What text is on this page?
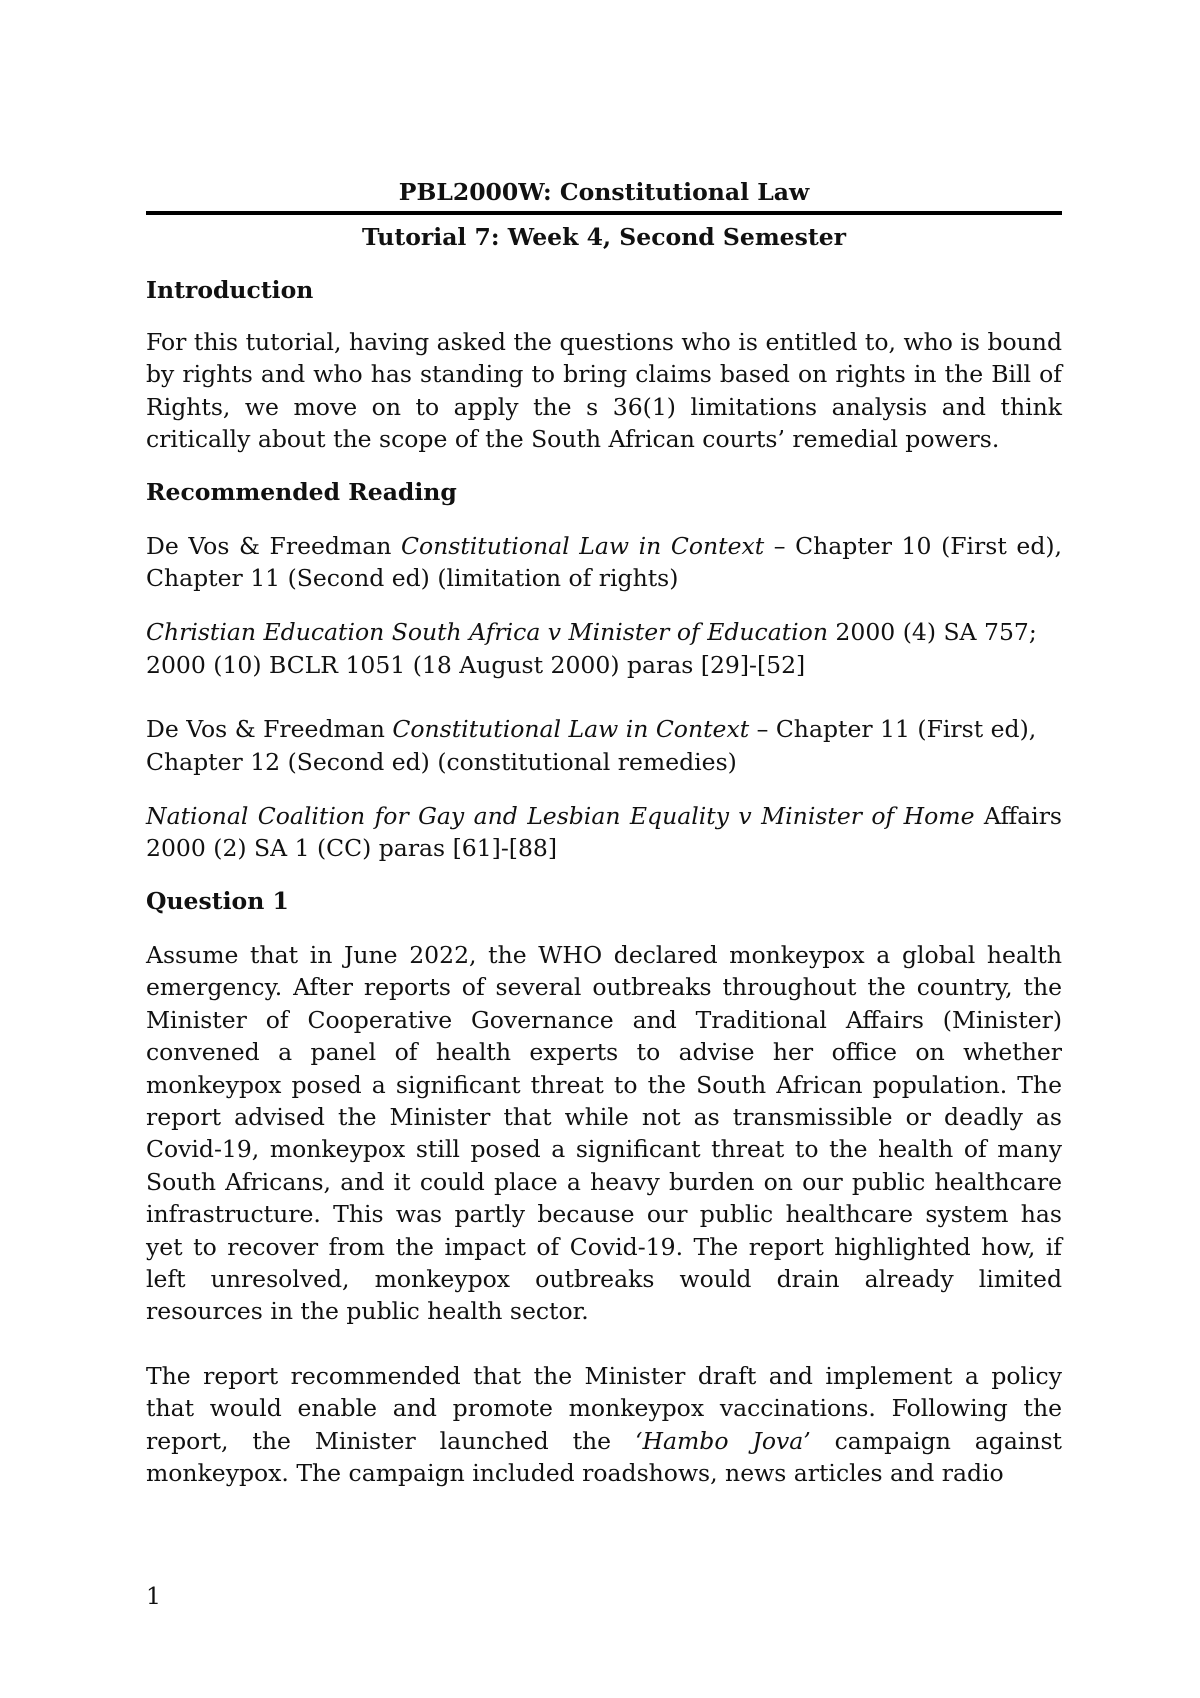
PBL2000W: Constitutional Law

Tutorial 7: Week 4, Second Semester

Introduction

For this tutorial, having asked the questions who is entitled to, who is bound by rights and who has standing to bring claims based on rights in the Bill of Rights, we move on to apply the s 36(1) limitations analysis and think critically about the scope of the South African courts’ remedial powers.

Recommended Reading

De Vos & Freedman Constitutional Law in Context – Chapter 10 (First ed), Chapter 11 (Second ed) (limitation of rights)

Christian Education South Africa v Minister of Education 2000 (4) SA 757; 2000 (10) BCLR 1051 (18 August 2000) paras [29]-[52]

De Vos & Freedman Constitutional Law in Context – Chapter 11 (First ed), Chapter 12 (Second ed) (constitutional remedies)

National Coalition for Gay and Lesbian Equality v Minister of Home Affairs 2000 (2) SA 1 (CC) paras [61]-[88]

Question 1

Assume that in June 2022, the WHO declared monkeypox a global health emergency. After reports of several outbreaks throughout the country, the Minister of Cooperative Governance and Traditional Affairs (Minister) convened a panel of health experts to advise her office on whether monkeypox posed a significant threat to the South African population. The report advised the Minister that while not as transmissible or deadly as Covid-19, monkeypox still posed a significant threat to the health of many South Africans, and it could place a heavy burden on our public healthcare infrastructure. This was partly because our public healthcare system has yet to recover from the impact of Covid-19. The report highlighted how, if left unresolved, monkeypox outbreaks would drain already limited resources in the public health sector.

The report recommended that the Minister draft and implement a policy that would enable and promote monkeypox vaccinations. Following the report, the Minister launched the ‘Hambo Jova’ campaign against monkeypox. The campaign included roadshows, news articles and radio

1
